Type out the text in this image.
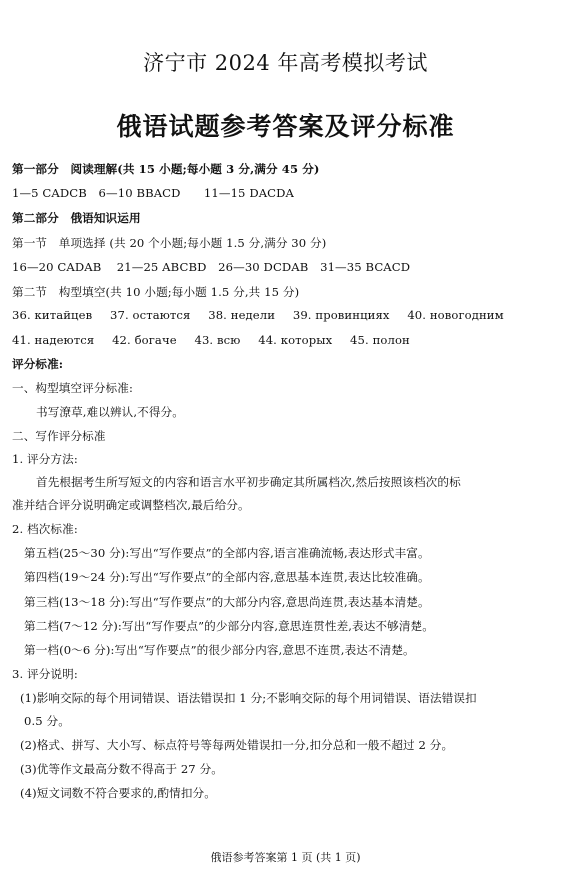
济宁市 2024 年高考模拟考试
俄语试题参考答案及评分标准
第一部分　阅读理解(共 15 小题;每小题 3 分,满分 45 分)
1—5 CADCB　6—10 BBACD　　11—15 DACDA
第二部分　俄语知识运用
第一节　单项选择 (共 20 个小题;每小题 1.5 分,满分 30 分)
16—20 CADAB　 21—25 ABCBD　26—30 DCDAB　31—35 BCACD
第二节　构型填空(共 10 小题;每小题 1.5 分,共 15 分)
36. китайцев 37. остаются 38. недели 39. провинциях 40. новогодним
41. надеются 42. богаче 43. всю 44. которых 45. полон
评分标准:
一、构型填空评分标准:
书写潦草,难以辨认,不得分。
二、写作评分标准
1. 评分方法:
首先根据考生所写短文的内容和语言水平初步确定其所属档次,然后按照该档次的标
准并结合评分说明确定或调整档次,最后给分。
2. 档次标准:
第五档(25～30 分):写出“写作要点”的全部内容,语言准确流畅,表达形式丰富。
第四档(19～24 分):写出“写作要点”的全部内容,意思基本连贯,表达比较准确。
第三档(13～18 分):写出“写作要点”的大部分内容,意思尚连贯,表达基本清楚。
第二档(7～12 分):写出“写作要点”的少部分内容,意思连贯性差,表达不够清楚。
第一档(0～6 分):写出“写作要点”的很少部分内容,意思不连贯,表达不清楚。
3. 评分说明:
(1)影响交际的每个用词错误、语法错误扣 1 分;不影响交际的每个用词错误、语法错误扣
0.5 分。
(2)格式、拼写、大小写、标点符号等每两处错误扣一分,扣分总和一般不超过 2 分。
(3)优等作文最高分数不得高于 27 分。
(4)短文词数不符合要求的,酌情扣分。
俄语参考答案第 1 页 (共 1 页)
